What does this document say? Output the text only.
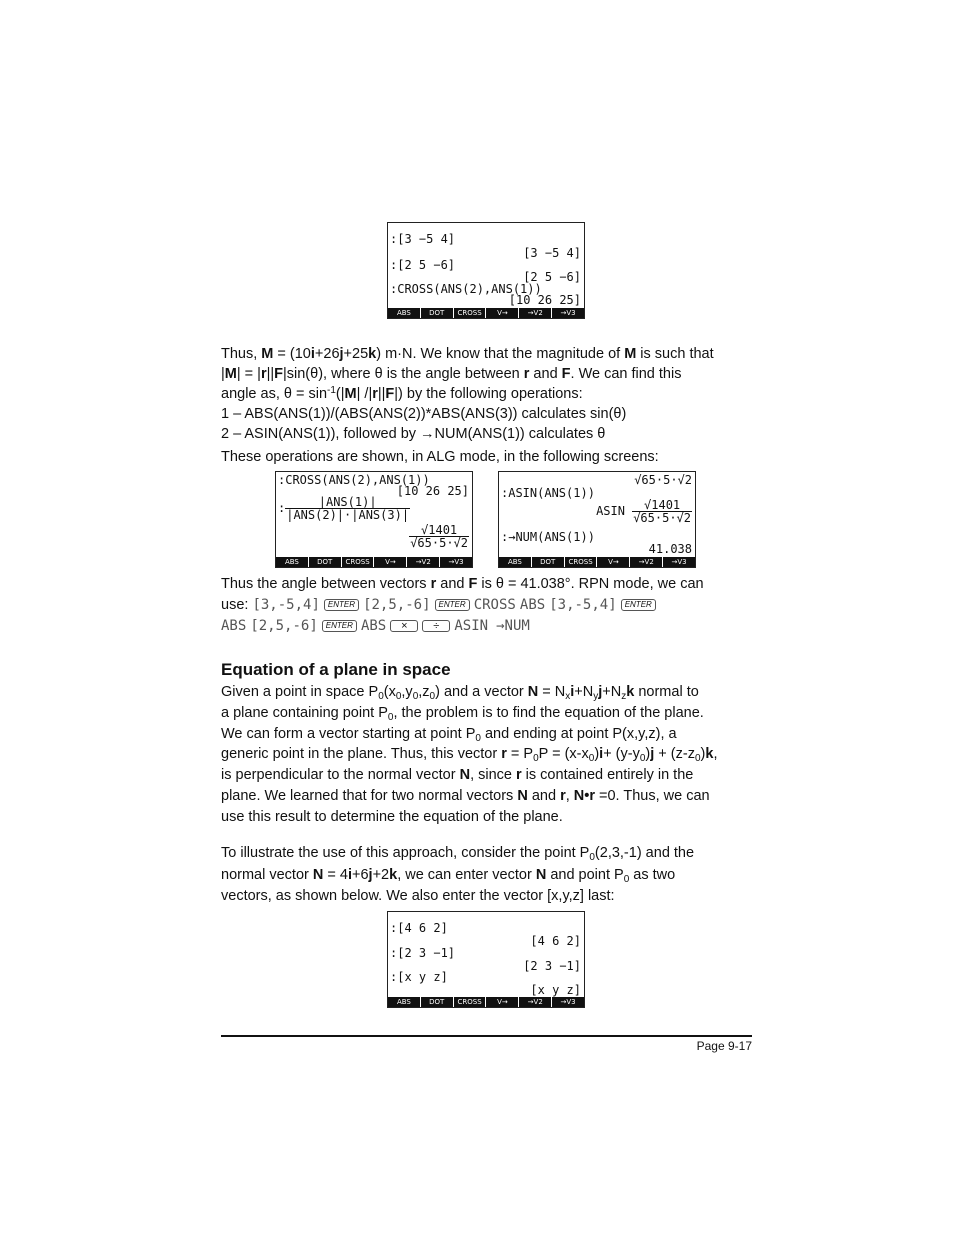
:[3 −5 4]
[3 −5 4]
:[2 5 −6]
[2 5 −6]
:CROSS(ANS(2),ANS(1))
[10 26 25]
ABS	DOT	CROSS	V→	→V2	→V3
Thus, M = (10i+26j+25k) m·N. We know that the magnitude of M is such that
|M| = |r||F|sin(θ), where θ is the angle between r and F. We can find this
angle as, $\theta = \sin^{-1}(|M|$ /|r||F|) by the following operations:
1 – ABS(ANS(1))/(ABS(ANS(2))*ABS(ANS(3)) calculates sin(θ)
2 – ASIN(ANS(1)), followed by →NUM(ANS(1)) calculates θ
These operations are shown, in ALG mode, in the following screens:
:CROSS(ANS(2),ANS(1))
[10 26 25]
: $\frac{\text{|ANS(1)|}}{\text{|ANS(2)|·|ANS(3)|}}$
$\frac{√1401}{√65\cdot 5\cdot√2}$
ABS	DOT	CROSS	V→	→V2	→V3
√65·5·√2
:ASIN(ANS(1))
ASIN $\frac{√1401}{√65\cdot 5\cdot√2}$
:→NUM(ANS(1))
41.038
ABS	DOT	CROSS	V→	→V2	→V3
Thus the angle between vectors r and F is θ = 41.038°. RPN mode, we can
use: [3,-5,4] ENTER [2,5,-6] ENTER CROSS ABS [3,-5,4] ENTER
ABS [2,5,-6] ENTER ABS × ÷ ASIN →NUM
Equation of a plane in space
Given a point in space $P_0(x_0,y_0,z_0)$ and a vector $N = N_xi+N_yj+N_zk$ normal to
a plane containing point $P_0$, the problem is to find the equation of the plane.
We can form a vector starting at point $P_0$ and ending at point P(x,y,z), a
generic point in the plane. Thus, this vector $r = P_0P = (x-x_0)i+ (y-y_0)j + (z-z_0)k$,
is perpendicular to the normal vector N, since r is contained entirely in the
plane. We learned that for two normal vectors N and r, N•r =0. Thus, we can
use this result to determine the equation of the plane.
To illustrate the use of this approach, consider the point $P_0(2,3,-1)$ and the
normal vector N = 4i+6j+2k, we can enter vector N and point $P_0$ as two
vectors, as shown below. We also enter the vector [x,y,z] last:
:[4 6 2]
[4 6 2]
:[2 3 −1]
[2 3 −1]
:[x y z]
[x y z]
ABS	DOT	CROSS	V→	→V2	→V3
Page 9-17
